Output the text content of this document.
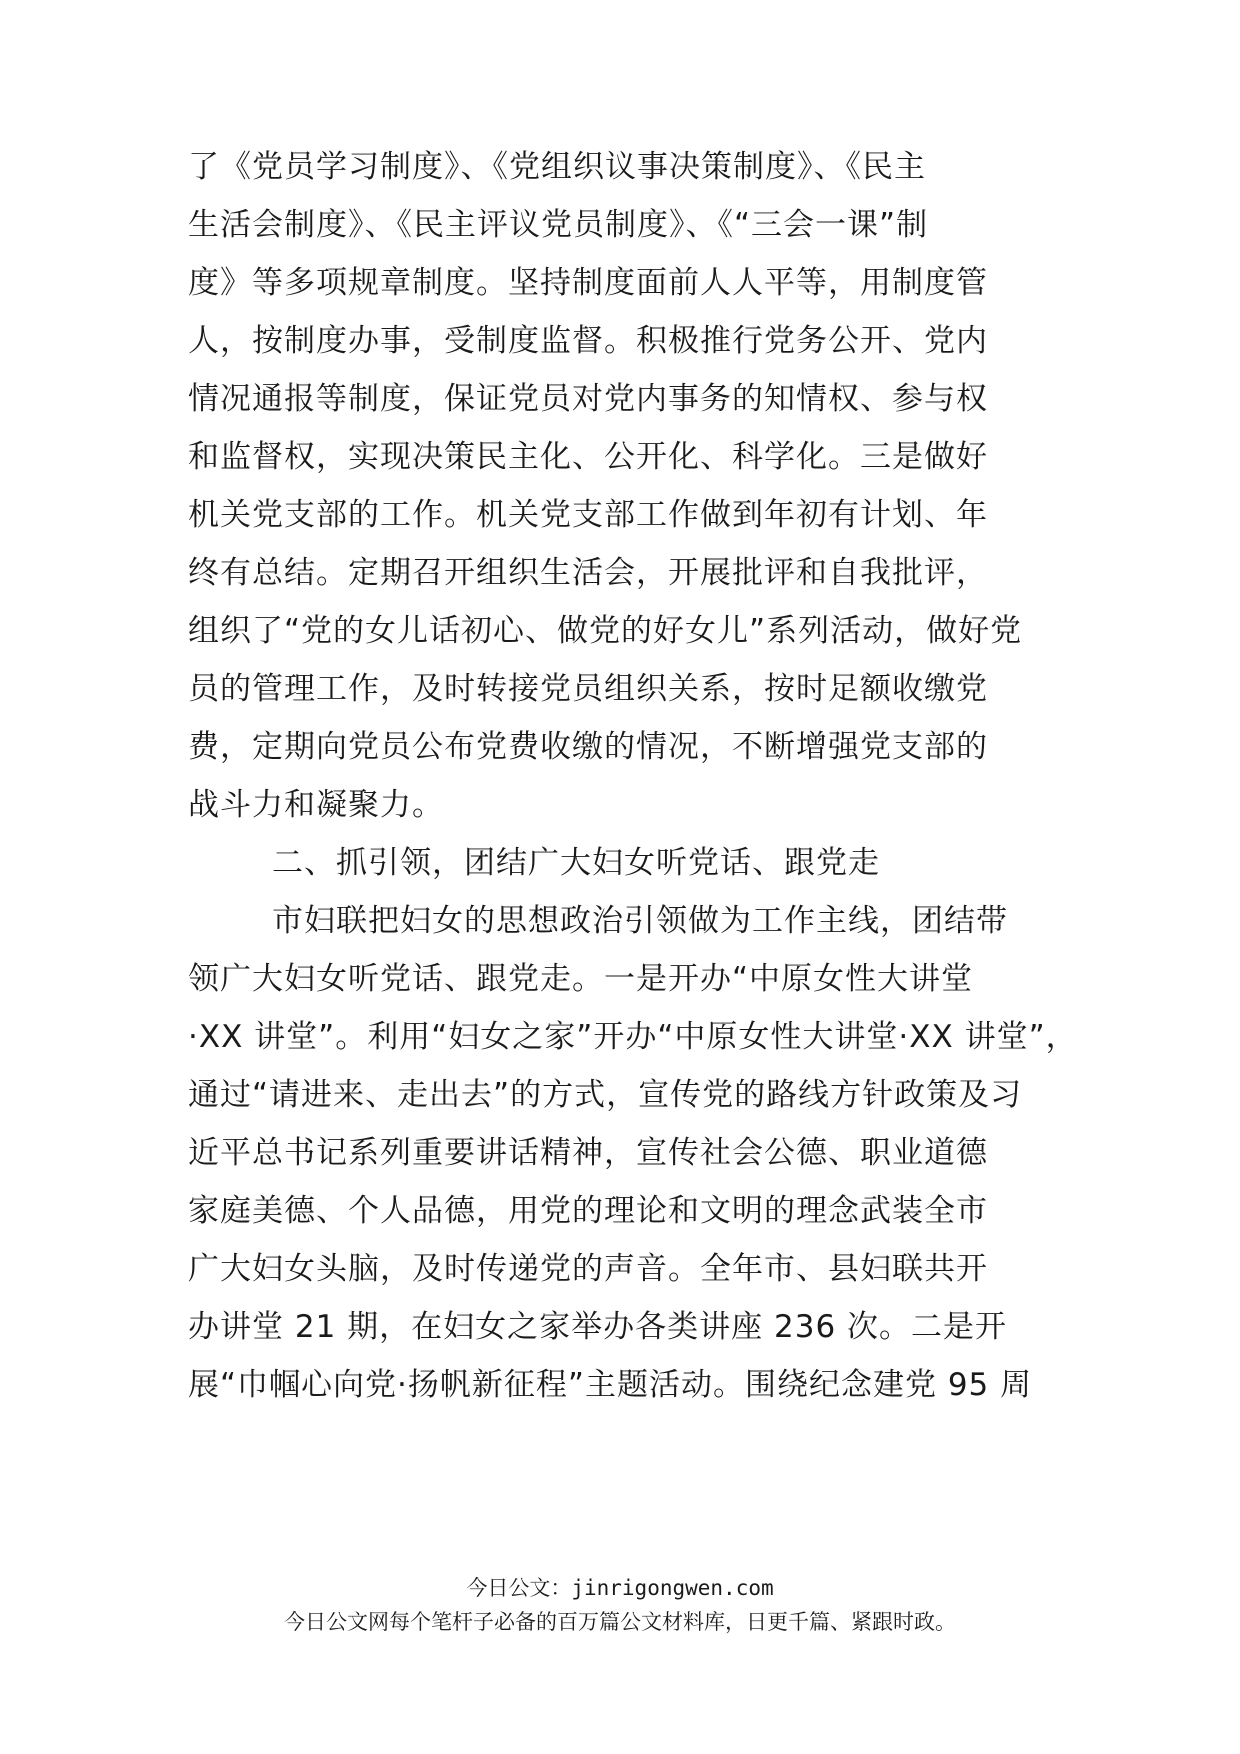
了《党员学习制度》、《党组织议事决策制度》、《民主
生活会制度》、《民主评议党员制度》、《“三会一课”制
度》等多项规章制度。坚持制度面前人人平等，用制度管
人，按制度办事，受制度监督。积极推行党务公开、党内
情况通报等制度，保证党员对党内事务的知情权、参与权
和监督权，实现决策民主化、公开化、科学化。三是做好
机关党支部的工作。机关党支部工作做到年初有计划、年
终有总结。定期召开组织生活会，开展批评和自我批评，
组织了“党的女儿话初心、做党的好女儿”系列活动，做好党
员的管理工作，及时转接党员组织关系，按时足额收缴党
费，定期向党员公布党费收缴的情况，不断增强党支部的
战斗力和凝聚力。
二、抓引领，团结广大妇女听党话、跟党走
市妇联把妇女的思想政治引领做为工作主线，团结带
领广大妇女听党话、跟党走。一是开办“中原女性大讲堂
·XX 讲堂”。利用“妇女之家”开办“中原女性大讲堂·XX 讲堂”，
通过“请进来、走出去”的方式，宣传党的路线方针政策及习
近平总书记系列重要讲话精神，宣传社会公德、职业道德
家庭美德、个人品德，用党的理论和文明的理念武装全市
广大妇女头脑，及时传递党的声音。全年市、县妇联共开
办讲堂 21 期，在妇女之家举办各类讲座 236 次。二是开
展“巾帼心向党·扬帆新征程”主题活动。围绕纪念建党 95 周
今日公文：jinrigongwen.com
今日公文网每个笔杆子必备的百万篇公文材料库，日更千篇、紧跟时政。
